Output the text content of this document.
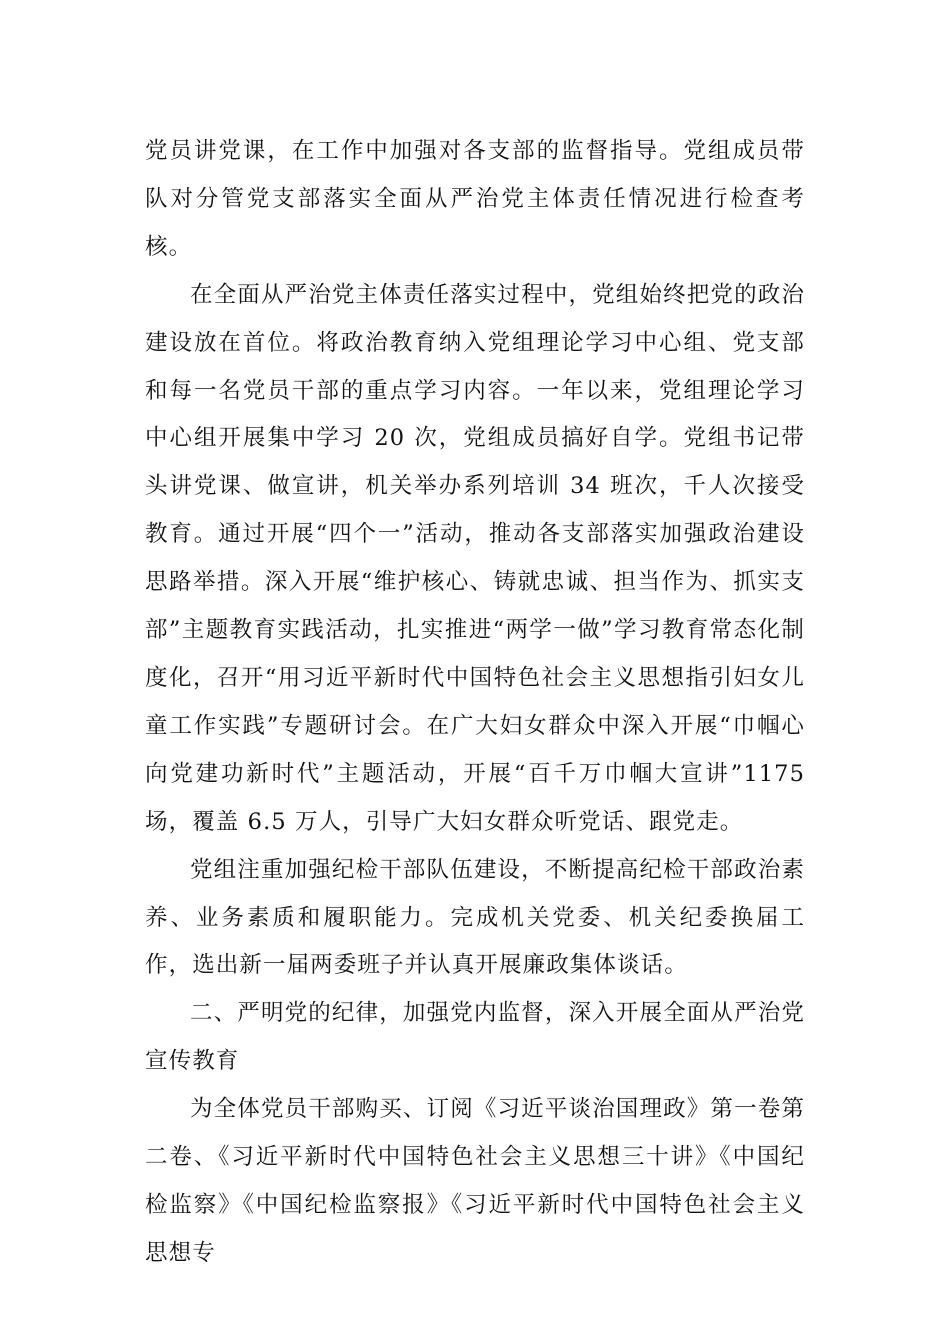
党员讲党课，在工作中加强对各支部的监督指导。党组成员带队对分管党支部落实全面从严治党主体责任情况进行检查考核。

在全面从严治党主体责任落实过程中，党组始终把党的政治建设放在首位。将政治教育纳入党组理论学习中心组、党支部和每一名党员干部的重点学习内容。一年以来，党组理论学习中心组开展集中学习 20 次，党组成员搞好自学。党组书记带头讲党课、做宣讲，机关举办系列培训 34 班次，千人次接受教育。通过开展“四个一”活动，推动各支部落实加强政治建设思路举措。深入开展“维护核心、铸就忠诚、担当作为、抓实支部”主题教育实践活动，扎实推进“两学一做”学习教育常态化制度化，召开“用习近平新时代中国特色社会主义思想指引妇女儿童工作实践”专题研讨会。在广大妇女群众中深入开展“巾帼心向党建功新时代”主题活动，开展“百千万巾帼大宣讲”1175 场，覆盖 6.5 万人，引导广大妇女群众听党话、跟党走。

党组注重加强纪检干部队伍建设，不断提高纪检干部政治素养、业务素质和履职能力。完成机关党委、机关纪委换届工作，选出新一届两委班子并认真开展廉政集体谈话。

二、严明党的纪律，加强党内监督，深入开展全面从严治党宣传教育

为全体党员干部购买、订阅《习近平谈治国理政》第一卷第二卷、《习近平新时代中国特色社会主义思想三十讲》《中国纪检监察》《中国纪检监察报》《习近平新时代中国特色社会主义思想专
